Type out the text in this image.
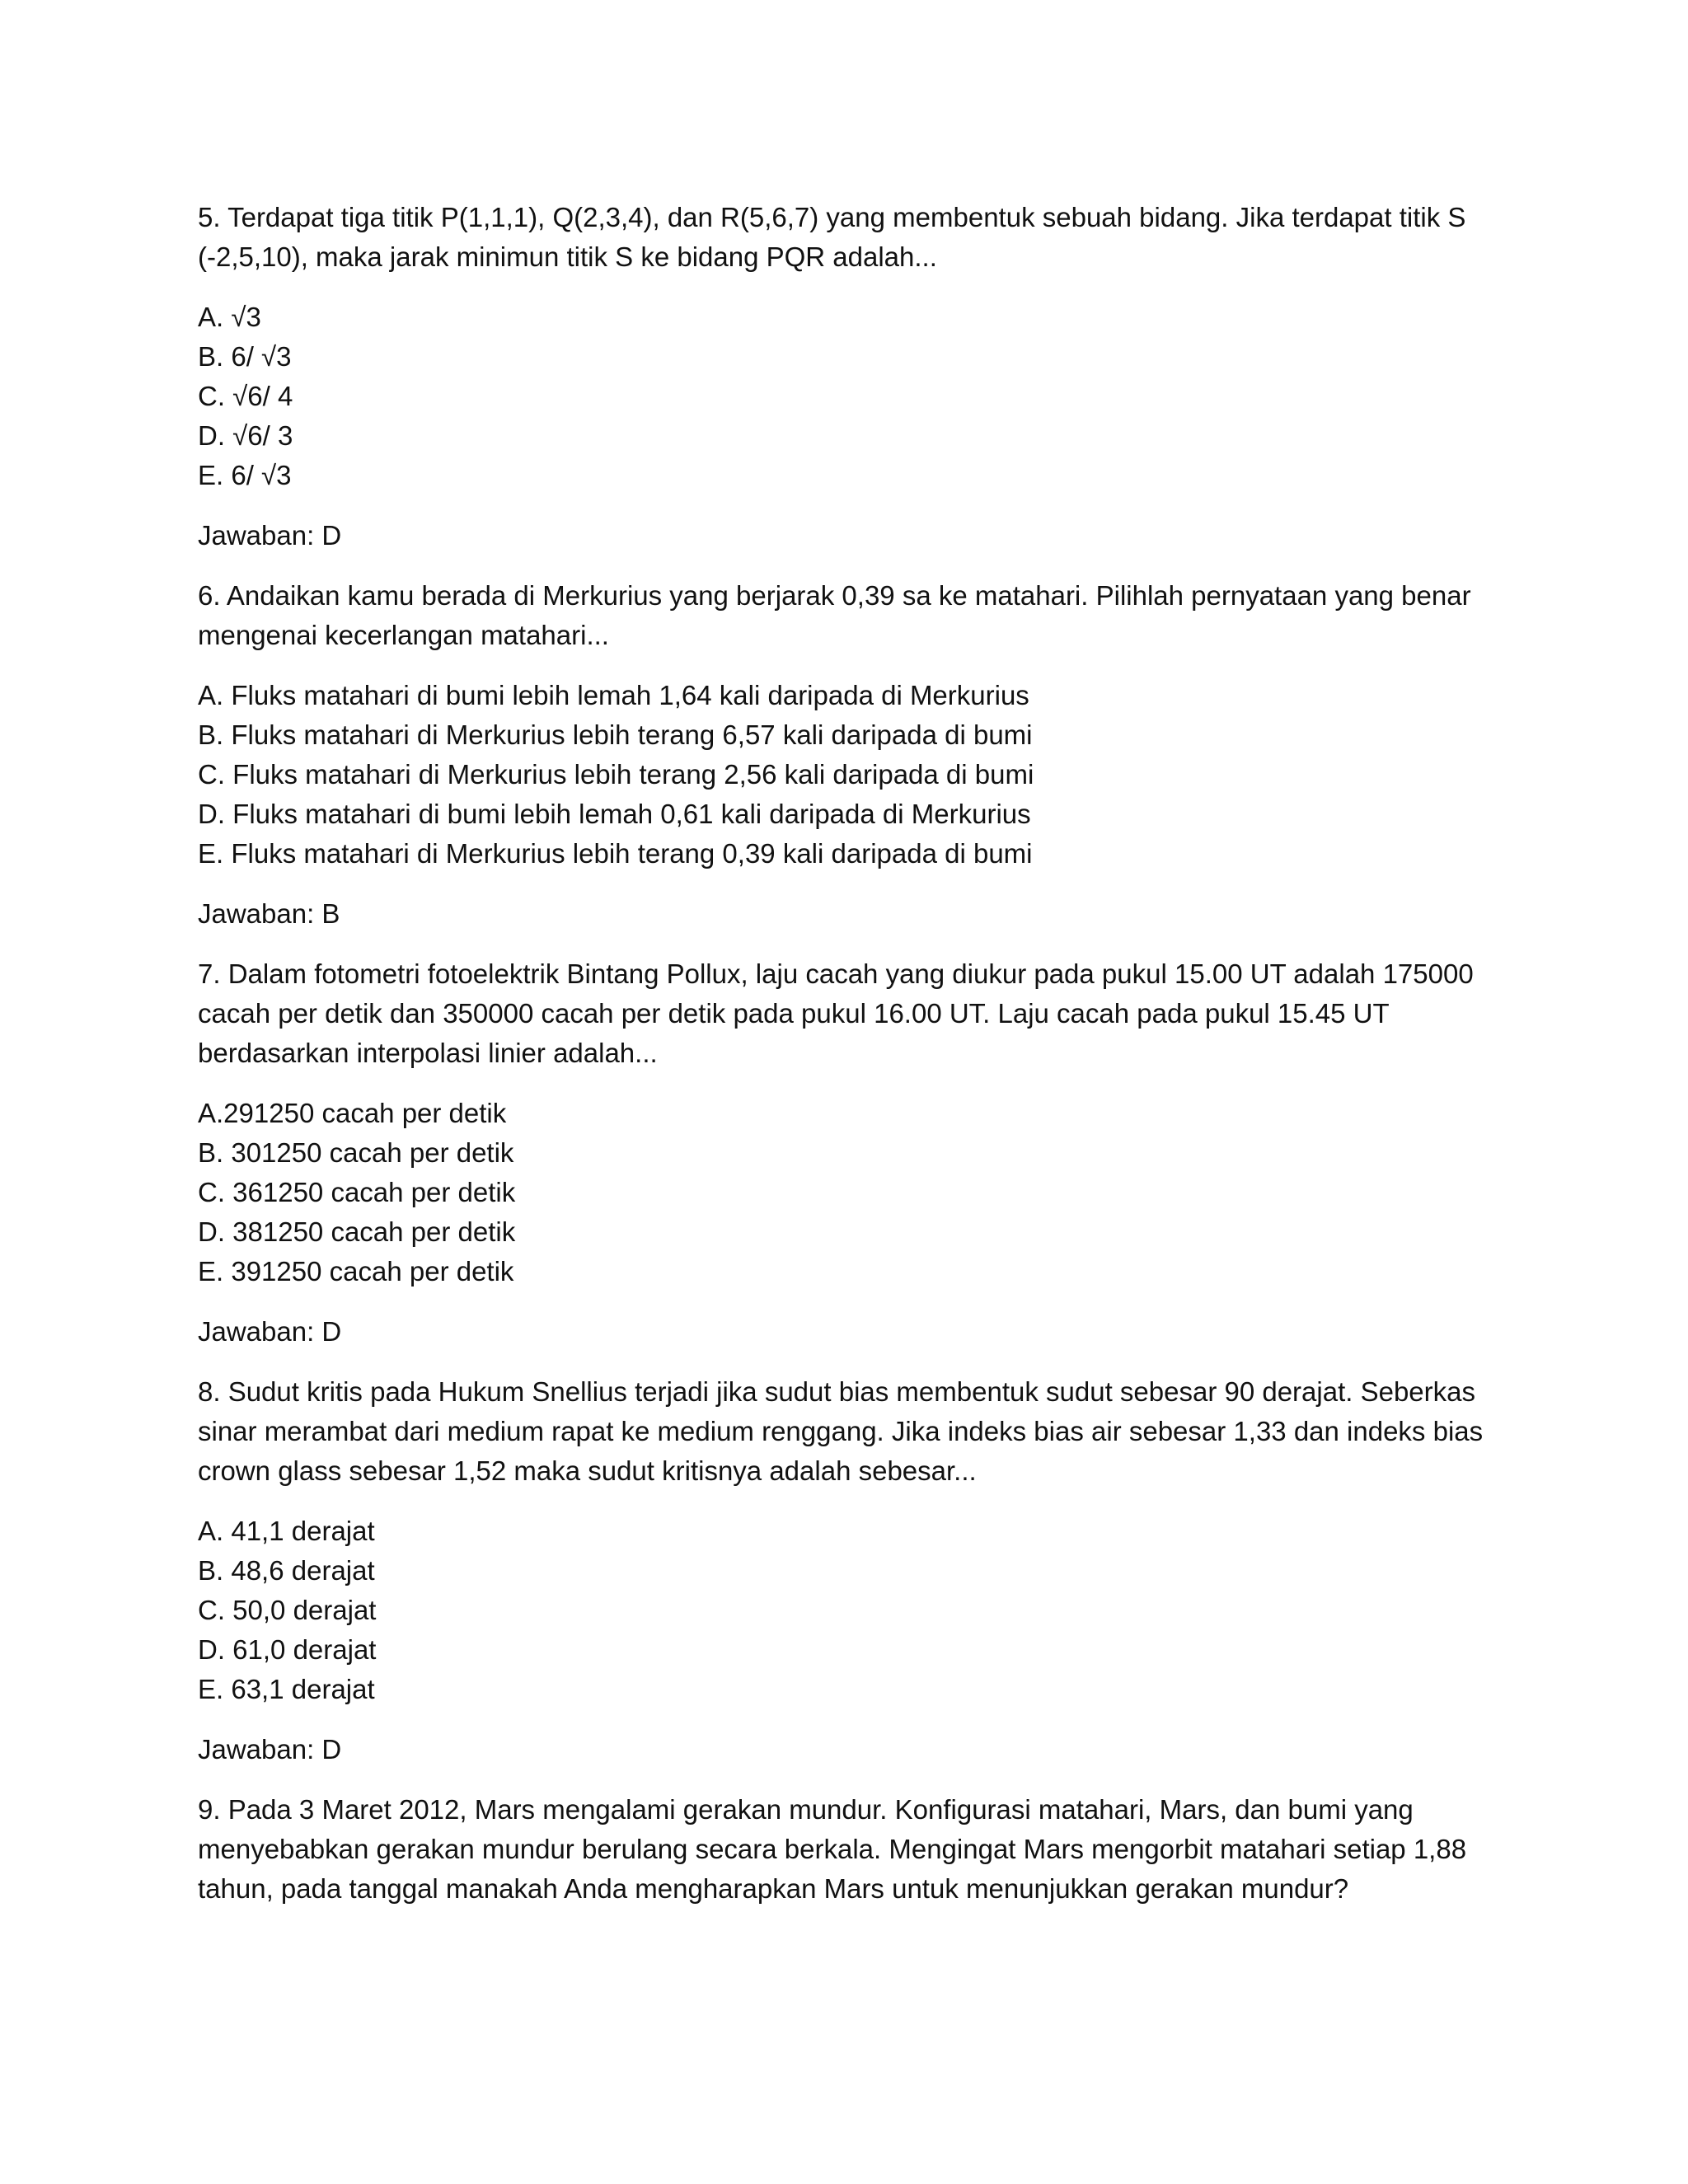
5. Terdapat tiga titik P(1,1,1), Q(2,3,4), dan R(5,6,7) yang membentuk sebuah bidang. Jika terdapat titik S (-2,5,10), maka jarak minimun titik S ke bidang PQR adalah...

A. √3
B. 6/ √3
C. √6/ 4
D. √6/ 3
E. 6/ √3

Jawaban: D

6. Andaikan kamu berada di Merkurius yang berjarak 0,39 sa ke matahari. Pilihlah pernyataan yang benar mengenai kecerlangan matahari...

A. Fluks matahari di bumi lebih lemah 1,64 kali daripada di Merkurius
B. Fluks matahari di Merkurius lebih terang 6,57 kali daripada di bumi
C. Fluks matahari di Merkurius lebih terang 2,56 kali daripada di bumi
D. Fluks matahari di bumi lebih lemah 0,61 kali daripada di Merkurius
E. Fluks matahari di Merkurius lebih terang 0,39 kali daripada di bumi

Jawaban: B

7. Dalam fotometri fotoelektrik Bintang Pollux, laju cacah yang diukur pada pukul 15.00 UT adalah 175000 cacah per detik dan 350000 cacah per detik pada pukul 16.00 UT. Laju cacah pada pukul 15.45 UT berdasarkan interpolasi linier adalah...

A.291250 cacah per detik
B. 301250 cacah per detik
C. 361250 cacah per detik
D. 381250 cacah per detik
E. 391250 cacah per detik

Jawaban: D

8. Sudut kritis pada Hukum Snellius terjadi jika sudut bias membentuk sudut sebesar 90 derajat. Seberkas sinar merambat dari medium rapat ke medium renggang. Jika indeks bias air sebesar 1,33 dan indeks bias crown glass sebesar 1,52 maka sudut kritisnya adalah sebesar...

A. 41,1 derajat
B. 48,6 derajat
C. 50,0 derajat
D. 61,0 derajat
E. 63,1 derajat

Jawaban: D

9. Pada 3 Maret 2012, Mars mengalami gerakan mundur. Konfigurasi matahari, Mars, dan bumi yang menyebabkan gerakan mundur berulang secara berkala. Mengingat Mars mengorbit matahari setiap 1,88 tahun, pada tanggal manakah Anda mengharapkan Mars untuk menunjukkan gerakan mundur?
